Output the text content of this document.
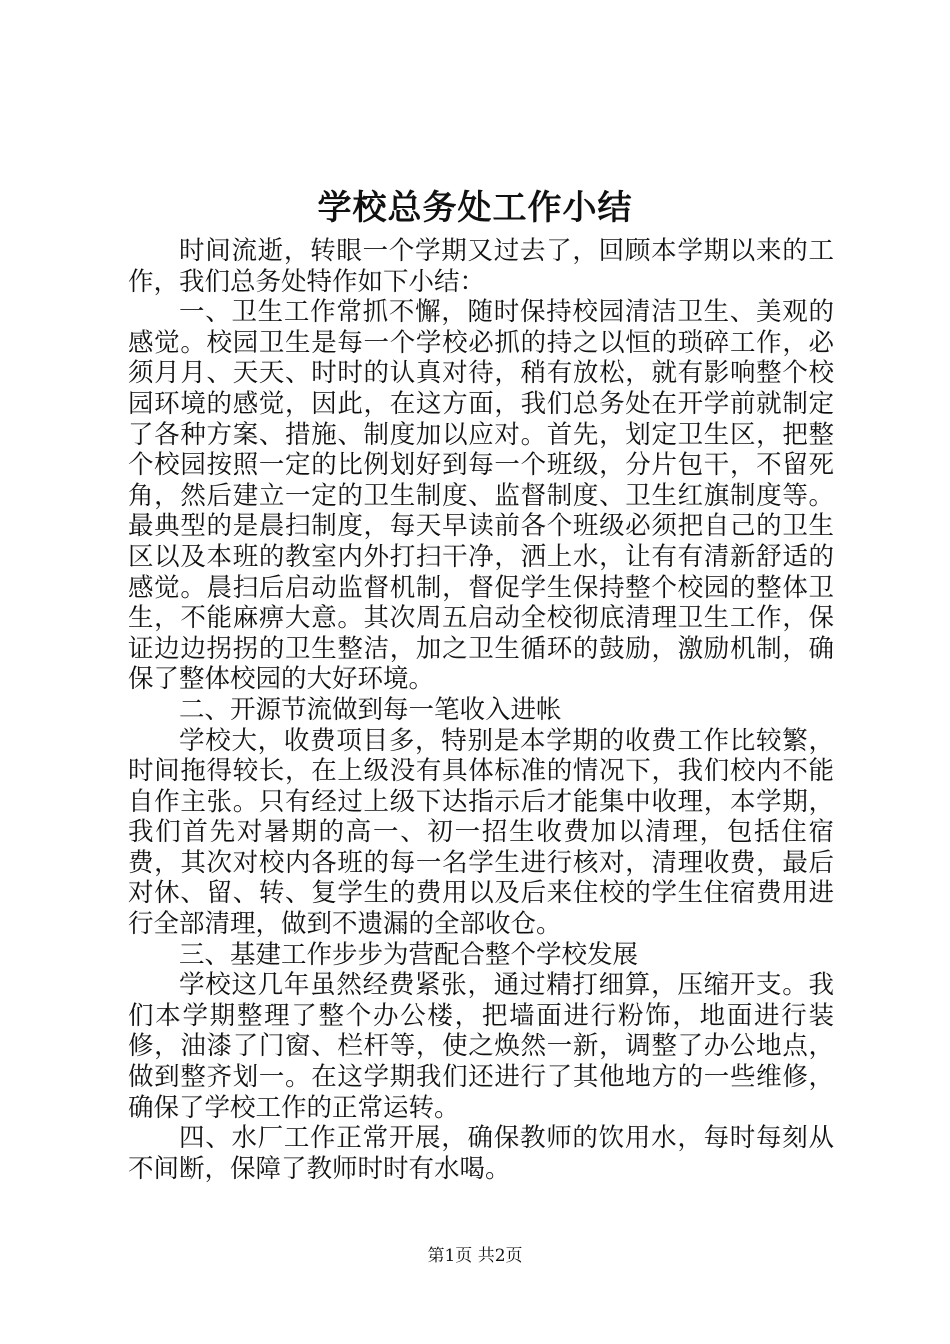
学校总务处工作小结

时间流逝，转眼一个学期又过去了，回顾本学期以来的工作，我们总务处特作如下小结：

一、卫生工作常抓不懈，随时保持校园清洁卫生、美观的感觉。校园卫生是每一个学校必抓的持之以恒的琐碎工作，必须月月、天天、时时的认真对待，稍有放松，就有影响整个校园环境的感觉，因此，在这方面，我们总务处在开学前就制定了各种方案、措施、制度加以应对。首先，划定卫生区，把整个校园按照一定的比例划好到每一个班级，分片包干，不留死角，然后建立一定的卫生制度、监督制度、卫生红旗制度等。最典型的是晨扫制度，每天早读前各个班级必须把自己的卫生区以及本班的教室内外打扫干净，洒上水，让有有清新舒适的感觉。晨扫后启动监督机制，督促学生保持整个校园的整体卫生，不能麻痹大意。其次周五启动全校彻底清理卫生工作，保证边边拐拐的卫生整洁，加之卫生循环的鼓励，激励机制，确保了整体校园的大好环境。

二、开源节流做到每一笔收入进帐

学校大，收费项目多，特别是本学期的收费工作比较繁，时间拖得较长，在上级没有具体标准的情况下，我们校内不能自作主张。只有经过上级下达指示后才能集中收理，本学期，我们首先对暑期的高一、初一招生收费加以清理，包括住宿费，其次对校内各班的每一名学生进行核对，清理收费，最后对休、留、转、复学生的费用以及后来住校的学生住宿费用进行全部清理，做到不遗漏的全部收仓。

三、基建工作步步为营配合整个学校发展

学校这几年虽然经费紧张，通过精打细算，压缩开支。我们本学期整理了整个办公楼，把墙面进行粉饰，地面进行装修，油漆了门窗、栏杆等，使之焕然一新，调整了办公地点，做到整齐划一。在这学期我们还进行了其他地方的一些维修，确保了学校工作的正常运转。

四、水厂工作正常开展，确保教师的饮用水，每时每刻从不间断，保障了教师时时有水喝。

第1页 共2页
